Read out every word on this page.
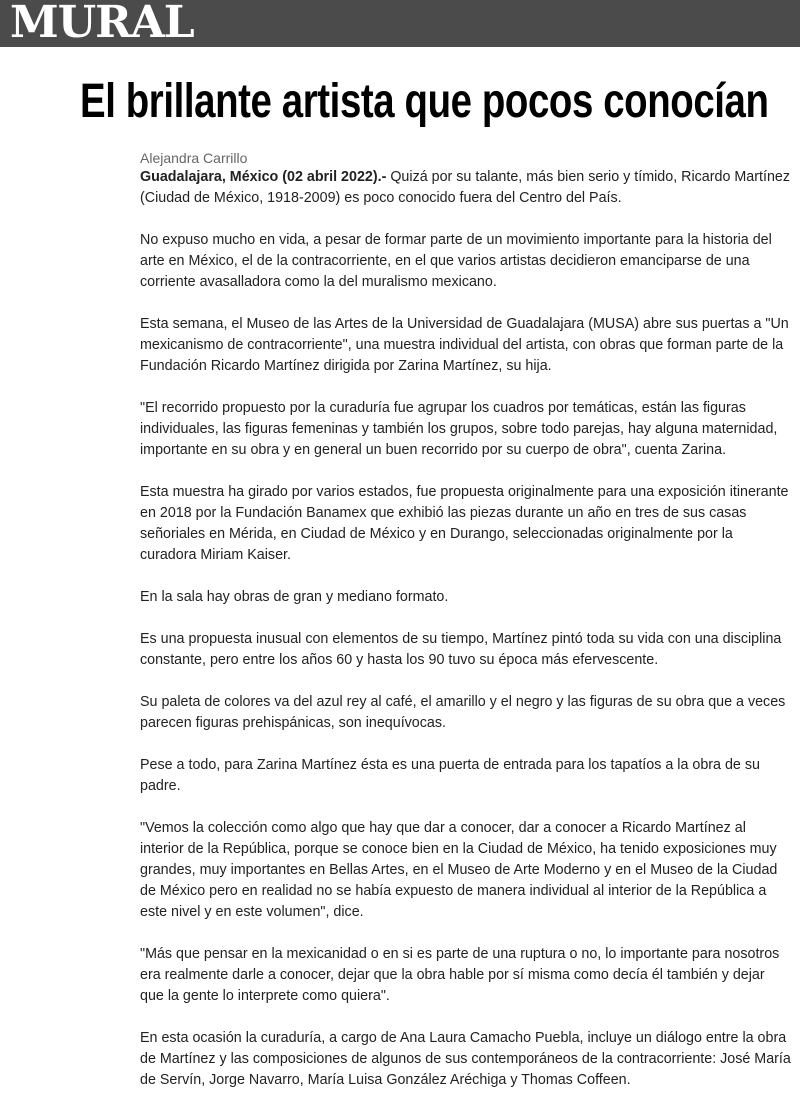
MURAL
El brillante artista que pocos conocían
Alejandra Carrillo

Guadalajara, México (02 abril 2022).- Quizá por su talante, más bien serio y tímido, Ricardo Martínez (Ciudad de México, 1918-2009) es poco conocido fuera del Centro del País.

No expuso mucho en vida, a pesar de formar parte de un movimiento importante para la historia del arte en México, el de la contracorriente, en el que varios artistas decidieron emanciparse de una corriente avasalladora como la del muralismo mexicano.

Esta semana, el Museo de las Artes de la Universidad de Guadalajara (MUSA) abre sus puertas a "Un mexicanismo de contracorriente", una muestra individual del artista, con obras que forman parte de la Fundación Ricardo Martínez dirigida por Zarina Martínez, su hija.

"El recorrido propuesto por la curaduría fue agrupar los cuadros por temáticas, están las figuras individuales, las figuras femeninas y también los grupos, sobre todo parejas, hay alguna maternidad, importante en su obra y en general un buen recorrido por su cuerpo de obra", cuenta Zarina.

Esta muestra ha girado por varios estados, fue propuesta originalmente para una exposición itinerante en 2018 por la Fundación Banamex que exhibió las piezas durante un año en tres de sus casas señoriales en Mérida, en Ciudad de México y en Durango, seleccionadas originalmente por la curadora Miriam Kaiser.

En la sala hay obras de gran y mediano formato.

Es una propuesta inusual con elementos de su tiempo, Martínez pintó toda su vida con una disciplina constante, pero entre los años 60 y hasta los 90 tuvo su época más efervescente.

Su paleta de colores va del azul rey al café, el amarillo y el negro y las figuras de su obra que a veces parecen figuras prehispánicas, son inequívocas.

Pese a todo, para Zarina Martínez ésta es una puerta de entrada para los tapatíos a la obra de su padre.

"Vemos la colección como algo que hay que dar a conocer, dar a conocer a Ricardo Martínez al interior de la República, porque se conoce bien en la Ciudad de México, ha tenido exposiciones muy grandes, muy importantes en Bellas Artes, en el Museo de Arte Moderno y en el Museo de la Ciudad de México pero en realidad no se había expuesto de manera individual al interior de la República a este nivel y en este volumen", dice.

"Más que pensar en la mexicanidad o en si es parte de una ruptura o no, lo importante para nosotros era realmente darle a conocer, dejar que la obra hable por sí misma como decía él también y dejar que la gente lo interprete como quiera".

En esta ocasión la curaduría, a cargo de Ana Laura Camacho Puebla, incluye un diálogo entre la obra de Martínez y las composiciones de algunos de sus contemporáneos de la contracorriente: José María de Servín, Jorge Navarro, María Luisa González Aréchiga y Thomas Coffeen.
